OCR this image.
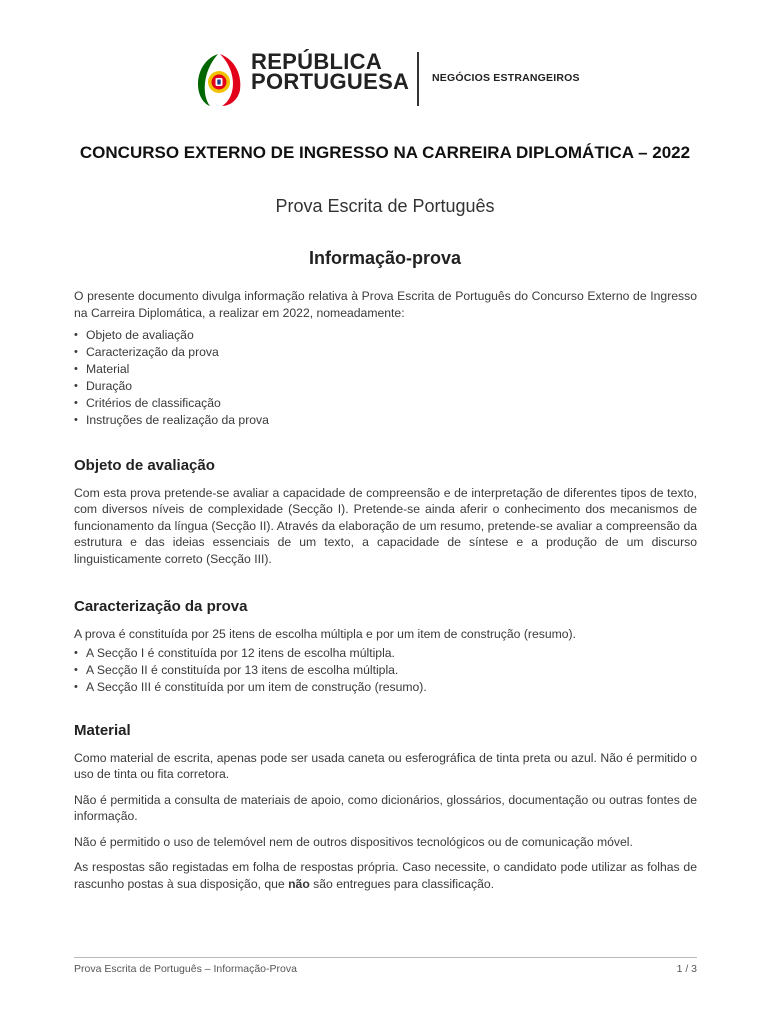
REPÚBLICA
PORTUGUESA NEGÓCIOS ESTRANGEIROS
CONCURSO EXTERNO DE INGRESSO NA CARREIRA DIPLOMÁTICA – 2022
Prova Escrita de Português
Informação-prova

O presente documento divulga informação relativa à Prova Escrita de Português do Concurso Externo de Ingresso na Carreira Diplomática, a realizar em 2022, nomeadamente:

• Objeto de avaliação
• Caracterização da prova
• Material
• Duração
• Critérios de classificação
• Instruções de realização da prova
Objeto de avaliação

Com esta prova pretende-se avaliar a capacidade de compreensão e de interpretação de diferentes tipos de texto, com diversos níveis de complexidade (Secção I). Pretende-se ainda aferir o conhecimento dos mecanismos de funcionamento da língua (Secção II). Através da elaboração de um resumo, pretende-se avaliar a compreensão da estrutura e das ideias essenciais de um texto, a capacidade de síntese e a produção de um discurso linguisticamente correto (Secção III).

Caracterização da prova

A prova é constituída por 25 itens de escolha múltipla e por um item de construção (resumo).

• A Secção I é constituída por 12 itens de escolha múltipla.
• A Secção II é constituída por 13 itens de escolha múltipla.
• A Secção III é constituída por um item de construção (resumo).
Material

Como material de escrita, apenas pode ser usada caneta ou esferográfica de tinta preta ou azul. Não é permitido o uso de tinta ou fita corretora.

Não é permitida a consulta de materiais de apoio, como dicionários, glossários, documentação ou outras fontes de informação.

Não é permitido o uso de telemóvel nem de outros dispositivos tecnológicos ou de comunicação móvel.

As respostas são registadas em folha de respostas própria. Caso necessite, o candidato pode utilizar as folhas de rascunho postas à sua disposição, que não são entregues para classificação.

Prova Escrita de Português – Informação-Prova	1 / 3
